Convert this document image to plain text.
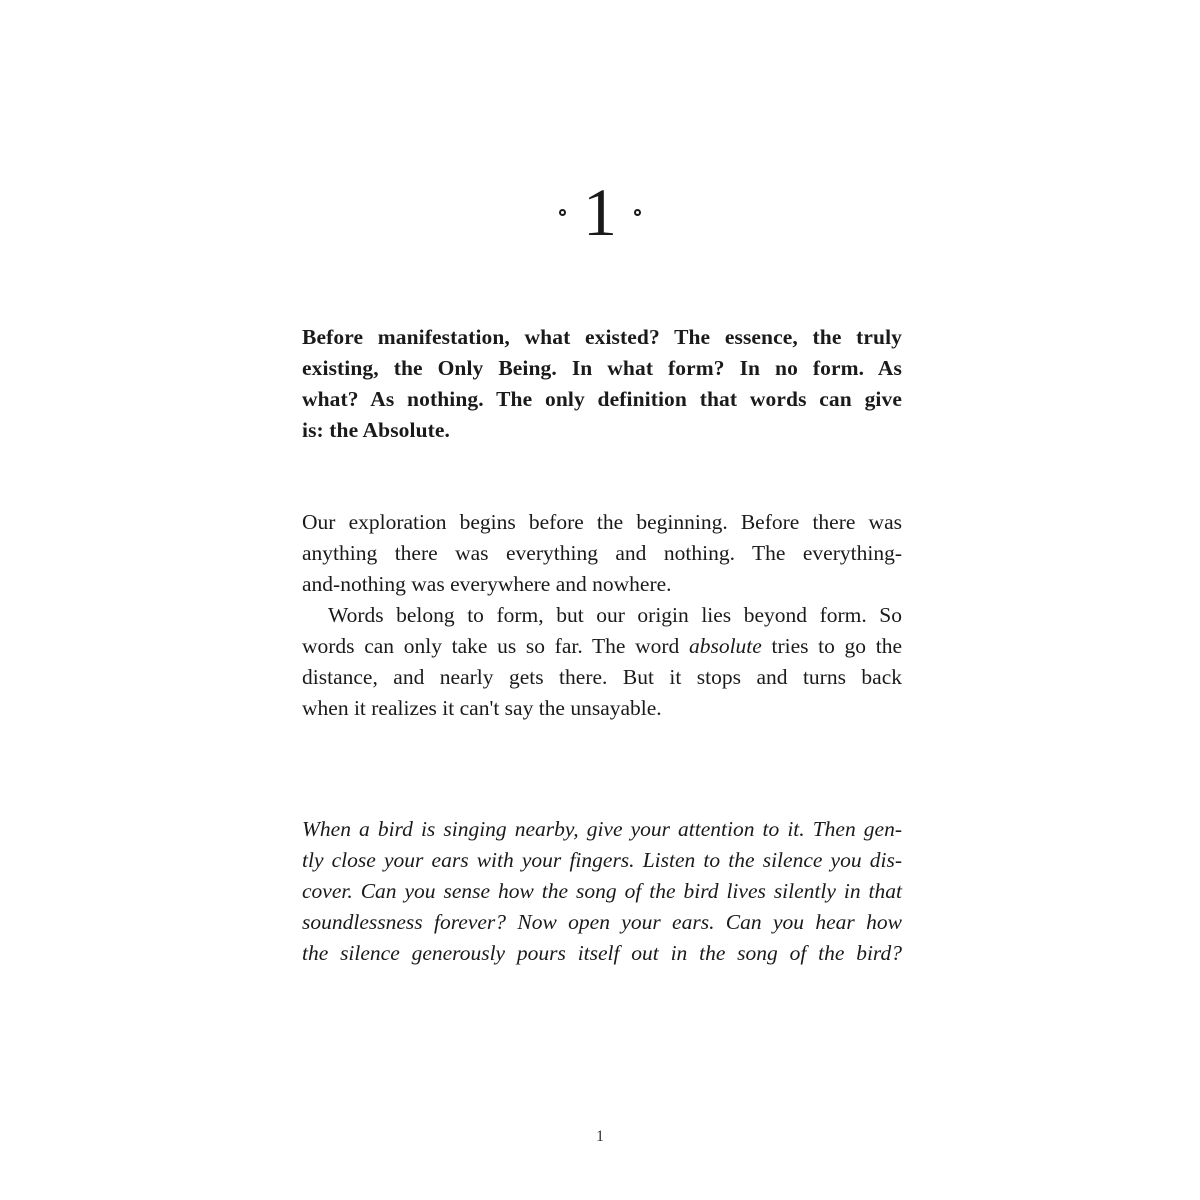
1
Before manifestation, what existed? The essence, the truly
existing, the Only Being. In what form? In no form. As
what? As nothing. The only definition that words can give
is: the Absolute.
Our exploration begins before the beginning. Before there was
anything there was everything and nothing. The everything-
and-nothing was everywhere and nowhere.
Words belong to form, but our origin lies beyond form. So
words can only take us so far. The word absolute tries to go the
distance, and nearly gets there. But it stops and turns back
when it realizes it can't say the unsayable.
When a bird is singing nearby, give your attention to it. Then gen-
tly close your ears with your fingers. Listen to the silence you dis-
cover. Can you sense how the song of the bird lives silently in that
soundlessness forever? Now open your ears. Can you hear how
the silence generously pours itself out in the song of the bird?
1
